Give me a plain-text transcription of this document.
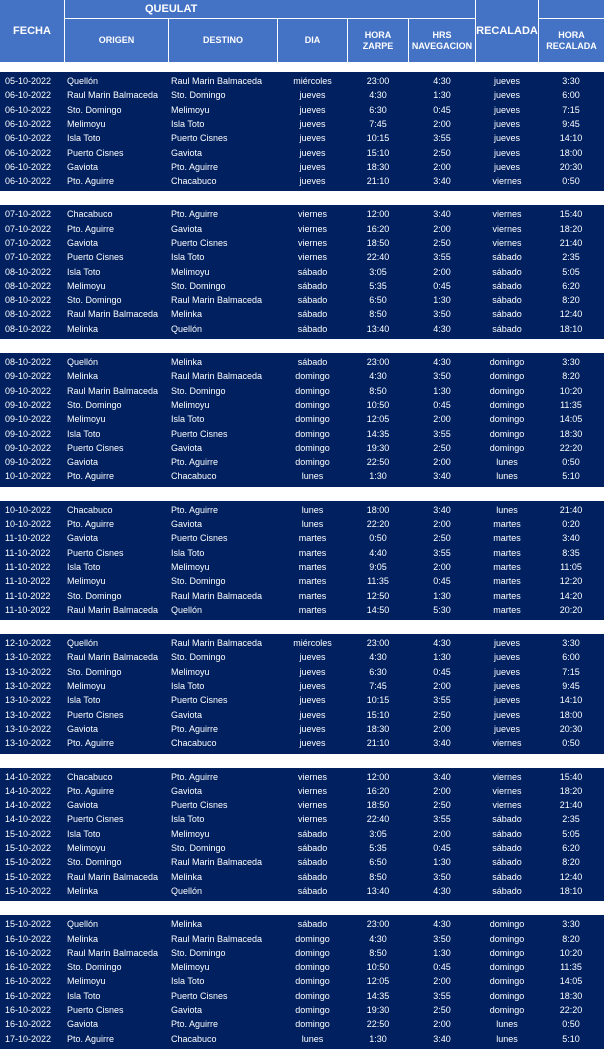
FECHA
QUEULAT
ORIGEN	DESTINO	DIA
HORA
ZARPE
HRS
NAVEGACION
RECALADA	HORA
RECALADA
05-10-2022	Quellón	Raul Marin Balmaceda	miércoles	23:00	4:30	jueves	3:30
06-10-2022	Raul Marin Balmaceda	Sto. Domingo	jueves	4:30	1:30	jueves	6:00
06-10-2022	Sto. Domingo	Melimoyu	jueves	6:30	0:45	jueves	7:15
06-10-2022	Melimoyu	Isla Toto	jueves	7:45	2:00	jueves	9:45
06-10-2022	Isla Toto	Puerto Cisnes	jueves	10:15	3:55	jueves	14:10
06-10-2022	Puerto Cisnes	Gaviota	jueves	15:10	2:50	jueves	18:00
06-10-2022	Gaviota	Pto. Aguirre	jueves	18:30	2:00	jueves	20:30
06-10-2022	Pto. Aguirre	Chacabuco	jueves	21:10	3:40	viernes	0:50
07-10-2022	Chacabuco	Pto. Aguirre	viernes	12:00	3:40	viernes	15:40
07-10-2022	Pto. Aguirre	Gaviota	viernes	16:20	2:00	viernes	18:20
07-10-2022	Gaviota	Puerto Cisnes	viernes	18:50	2:50	viernes	21:40
07-10-2022	Puerto Cisnes	Isla Toto	viernes	22:40	3:55	sábado	2:35
08-10-2022	Isla Toto	Melimoyu	sábado	3:05	2:00	sábado	5:05
08-10-2022	Melimoyu	Sto. Domingo	sábado	5:35	0:45	sábado	6:20
08-10-2022	Sto. Domingo	Raul Marin Balmaceda	sábado	6:50	1:30	sábado	8:20
08-10-2022	Raul Marin Balmaceda	Melinka	sábado	8:50	3:50	sábado	12:40
08-10-2022	Melinka	Quellón	sábado	13:40	4:30	sábado	18:10
08-10-2022	Quellón	Melinka	sábado	23:00	4:30	domingo	3:30
09-10-2022	Melinka	Raul Marin Balmaceda	domingo	4:30	3:50	domingo	8:20
09-10-2022	Raul Marin Balmaceda	Sto. Domingo	domingo	8:50	1:30	domingo	10:20
09-10-2022	Sto. Domingo	Melimoyu	domingo	10:50	0:45	domingo	11:35
09-10-2022	Melimoyu	Isla Toto	domingo	12:05	2:00	domingo	14:05
09-10-2022	Isla Toto	Puerto Cisnes	domingo	14:35	3:55	domingo	18:30
09-10-2022	Puerto Cisnes	Gaviota	domingo	19:30	2:50	domingo	22:20
09-10-2022	Gaviota	Pto. Aguirre	domingo	22:50	2:00	lunes	0:50
10-10-2022	Pto. Aguirre	Chacabuco	lunes	1:30	3:40	lunes	5:10
10-10-2022	Chacabuco	Pto. Aguirre	lunes	18:00	3:40	lunes	21:40
10-10-2022	Pto. Aguirre	Gaviota	lunes	22:20	2:00	martes	0:20
11-10-2022	Gaviota	Puerto Cisnes	martes	0:50	2:50	martes	3:40
11-10-2022	Puerto Cisnes	Isla Toto	martes	4:40	3:55	martes	8:35
11-10-2022	Isla Toto	Melimoyu	martes	9:05	2:00	martes	11:05
11-10-2022	Melimoyu	Sto. Domingo	martes	11:35	0:45	martes	12:20
11-10-2022	Sto. Domingo	Raul Marin Balmaceda	martes	12:50	1:30	martes	14:20
11-10-2022	Raul Marin Balmaceda	Quellón	martes	14:50	5:30	martes	20:20
12-10-2022	Quellón	Raul Marin Balmaceda	miércoles	23:00	4:30	jueves	3:30
13-10-2022	Raul Marin Balmaceda	Sto. Domingo	jueves	4:30	1:30	jueves	6:00
13-10-2022	Sto. Domingo	Melimoyu	jueves	6:30	0:45	jueves	7:15
13-10-2022	Melimoyu	Isla Toto	jueves	7:45	2:00	jueves	9:45
13-10-2022	Isla Toto	Puerto Cisnes	jueves	10:15	3:55	jueves	14:10
13-10-2022	Puerto Cisnes	Gaviota	jueves	15:10	2:50	jueves	18:00
13-10-2022	Gaviota	Pto. Aguirre	jueves	18:30	2:00	jueves	20:30
13-10-2022	Pto. Aguirre	Chacabuco	jueves	21:10	3:40	viernes	0:50
14-10-2022	Chacabuco	Pto. Aguirre	viernes	12:00	3:40	viernes	15:40
14-10-2022	Pto. Aguirre	Gaviota	viernes	16:20	2:00	viernes	18:20
14-10-2022	Gaviota	Puerto Cisnes	viernes	18:50	2:50	viernes	21:40
14-10-2022	Puerto Cisnes	Isla Toto	viernes	22:40	3:55	sábado	2:35
15-10-2022	Isla Toto	Melimoyu	sábado	3:05	2:00	sábado	5:05
15-10-2022	Melimoyu	Sto. Domingo	sábado	5:35	0:45	sábado	6:20
15-10-2022	Sto. Domingo	Raul Marin Balmaceda	sábado	6:50	1:30	sábado	8:20
15-10-2022	Raul Marin Balmaceda	Melinka	sábado	8:50	3:50	sábado	12:40
15-10-2022	Melinka	Quellón	sábado	13:40	4:30	sábado	18:10
15-10-2022	Quellón	Melinka	sábado	23:00	4:30	domingo	3:30
16-10-2022	Melinka	Raul Marin Balmaceda	domingo	4:30	3:50	domingo	8:20
16-10-2022	Raul Marin Balmaceda	Sto. Domingo	domingo	8:50	1:30	domingo	10:20
16-10-2022	Sto. Domingo	Melimoyu	domingo	10:50	0:45	domingo	11:35
16-10-2022	Melimoyu	Isla Toto	domingo	12:05	2:00	domingo	14:05
16-10-2022	Isla Toto	Puerto Cisnes	domingo	14:35	3:55	domingo	18:30
16-10-2022	Puerto Cisnes	Gaviota	domingo	19:30	2:50	domingo	22:20
16-10-2022	Gaviota	Pto. Aguirre	domingo	22:50	2:00	lunes	0:50
17-10-2022	Pto. Aguirre	Chacabuco	lunes	1:30	3:40	lunes	5:10
